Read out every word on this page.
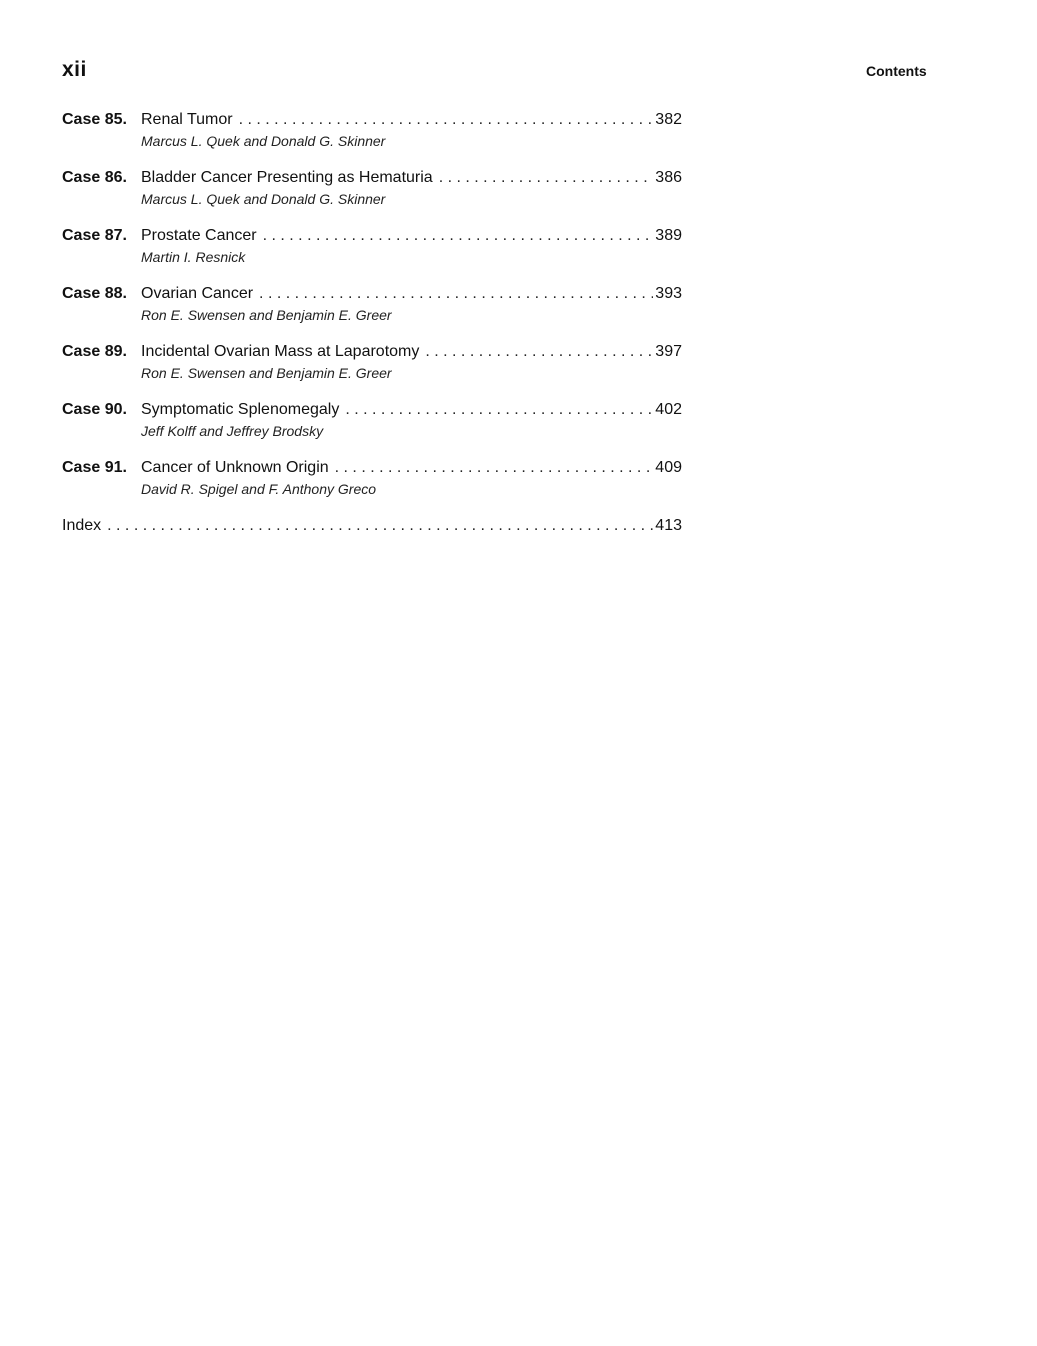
xii	Contents
Case 85. Renal Tumor . . .	382
Marcus L. Quek and Donald G. Skinner
Case 86. Bladder Cancer Presenting as Hematuria . . .	386
Marcus L. Quek and Donald G. Skinner
Case 87. Prostate Cancer . . .	389
Martin I. Resnick
Case 88. Ovarian Cancer . . .	393
Ron E. Swensen and Benjamin E. Greer
Case 89. Incidental Ovarian Mass at Laparotomy . . .	397
Ron E. Swensen and Benjamin E. Greer
Case 90. Symptomatic Splenomegaly . . .	402
Jeff Kolff and Jeffrey Brodsky
Case 91. Cancer of Unknown Origin . . .	409
David R. Spigel and F. Anthony Greco
Index . . .	413
